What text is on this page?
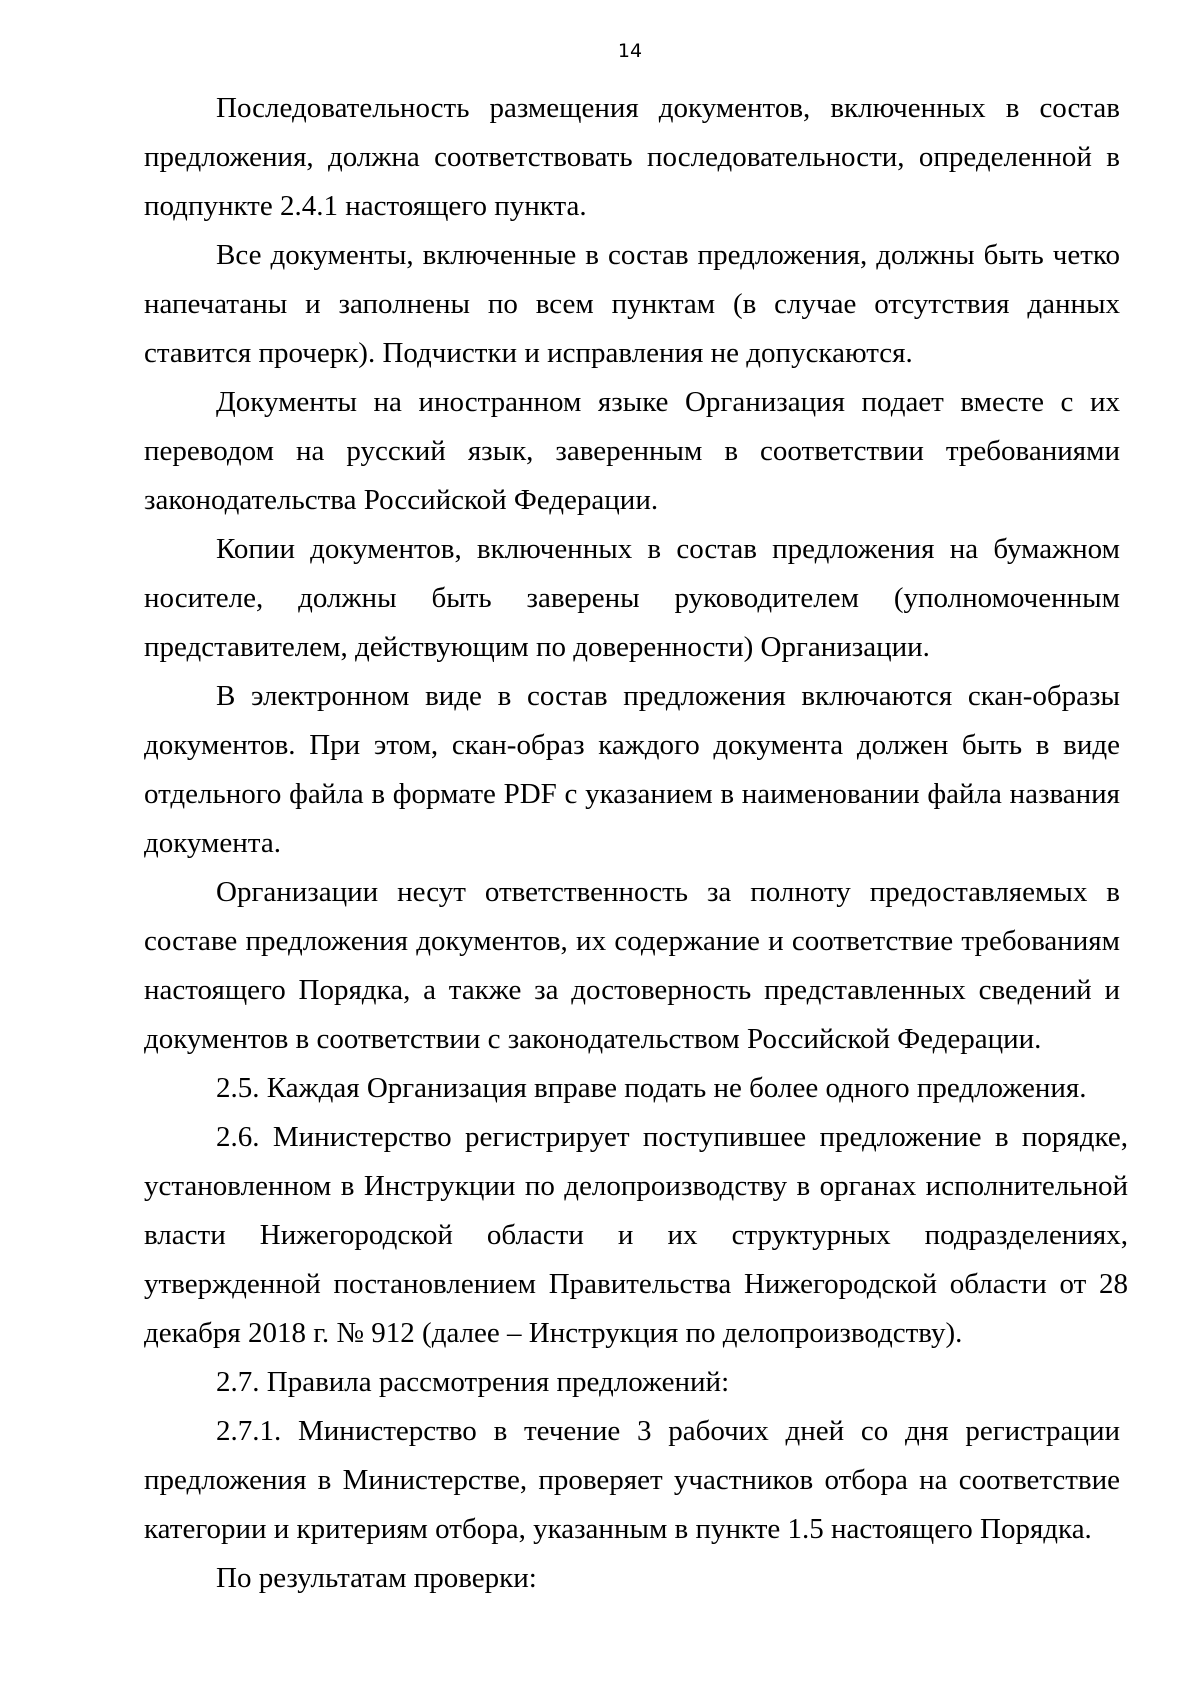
14

Последовательность размещения документов, включенных в состав предложения, должна соответствовать последовательности, определенной в подпункте 2.4.1 настоящего пункта.

Все документы, включенные в состав предложения, должны быть четко напечатаны и заполнены по всем пунктам (в случае отсутствия данных ставится прочерк). Подчистки и исправления не допускаются.

Документы на иностранном языке Организация подает вместе с их переводом на русский язык, заверенным в соответствии требованиями законодательства Российской Федерации.

Копии документов, включенных в состав предложения на бумажном носителе, должны быть заверены руководителем (уполномоченным представителем, действующим по доверенности) Организации.

В электронном виде в состав предложения включаются скан-образы документов. При этом, скан-образ каждого документа должен быть в виде отдельного файла в формате PDF с указанием в наименовании файла названия документа.

Организации несут ответственность за полноту предоставляемых в составе предложения документов, их содержание и соответствие требованиям настоящего Порядка, а также за достоверность представленных сведений и документов в соответствии с законодательством Российской Федерации.

2.5. Каждая Организация вправе подать не более одного предложения.

2.6. Министерство регистрирует поступившее предложение в порядке, установленном в Инструкции по делопроизводству в органах исполнительной власти Нижегородской области и их структурных подразделениях, утвержденной постановлением Правительства Нижегородской области от 28 декабря 2018 г. № 912 (далее – Инструкция по делопроизводству).

2.7. Правила рассмотрения предложений:

2.7.1. Министерство в течение 3 рабочих дней со дня регистрации предложения в Министерстве, проверяет участников отбора на соответствие категории и критериям отбора, указанным в пункте 1.5 настоящего Порядка.

По результатам проверки:
